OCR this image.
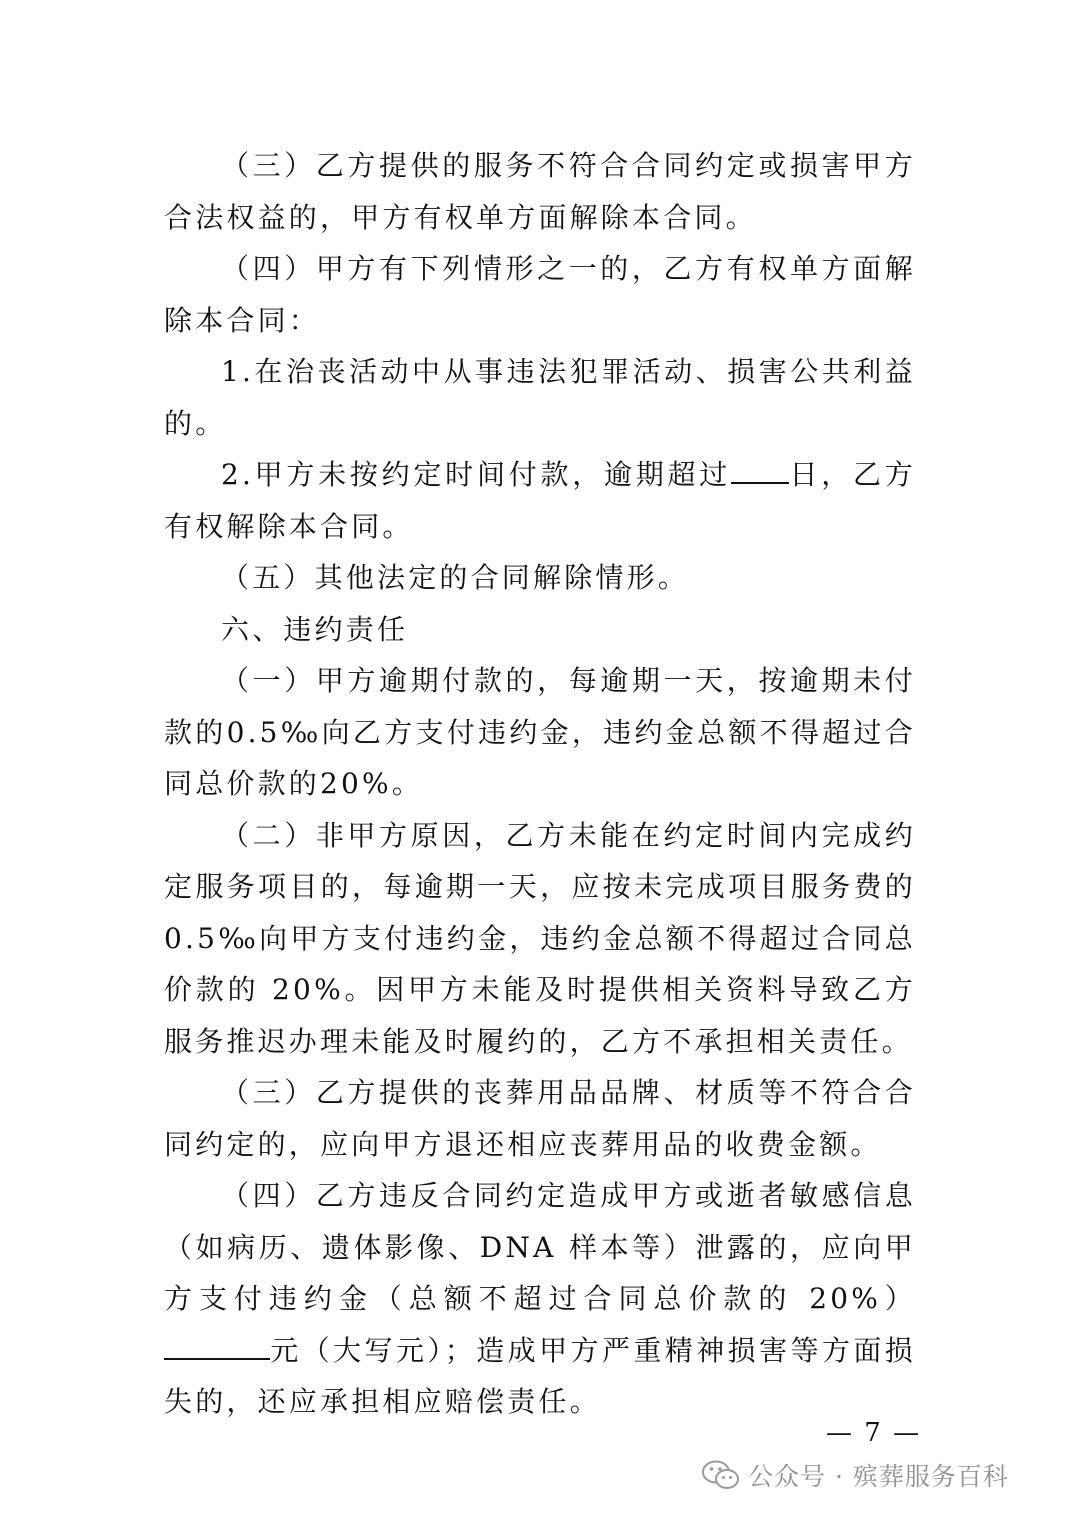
（三）乙方提供的服务不符合合同约定或损害甲方合法权益的，甲方有权单方面解除本合同。

（四）甲方有下列情形之一的，乙方有权单方面解除本合同：

1.在治丧活动中从事违法犯罪活动、损害公共利益的。

2.甲方未按约定时间付款，逾期超过 日，乙方有权解除本合同。

（五）其他法定的合同解除情形。

六、违约责任

（一）甲方逾期付款的，每逾期一天，按逾期未付款的0.5‰向乙方支付违约金，违约金总额不得超过合同总价款的20%。

（二）非甲方原因，乙方未能在约定时间内完成约定服务项目的，每逾期一天，应按未完成项目服务费的 0.5‰向甲方支付违约金，违约金总额不得超过合同总价款的 20%。因甲方未能及时提供相关资料导致乙方服务推迟办理未能及时履约的，乙方不承担相关责任。

（三）乙方提供的丧葬用品品牌、材质等不符合合同约定的，应向甲方退还相应丧葬用品的收费金额。

（四）乙方违反合同约定造成甲方或逝者敏感信息（如病历、遗体影像、DNA 样本等）泄露的，应向甲方支付违约金（总额不超过合同总价款的 20%） 元（大写元）；造成甲方严重精神损害等方面损失的，还应承担相应赔偿责任。

— 7 —
公众号 · 殡葬服务百科
